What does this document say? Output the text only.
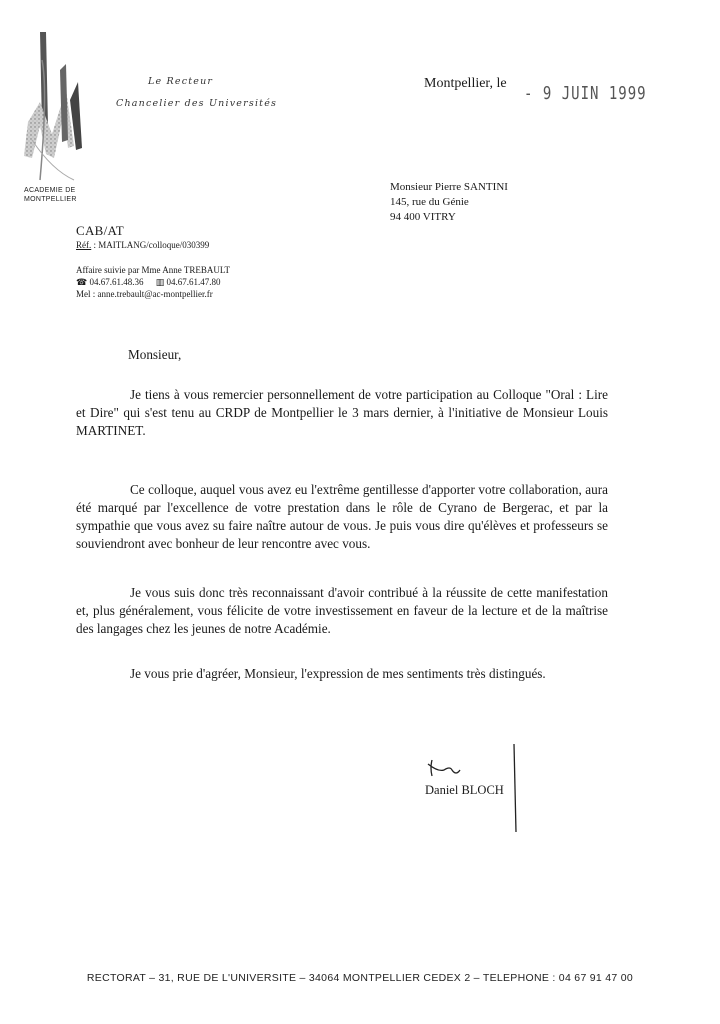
ACADEMIE DE
MONTPELLIER
Le Recteur
Chancelier des Universités
Montpellier, le
- 9 JUIN 1999
Monsieur Pierre SANTINI
145, rue du Génie
94 400 VITRY
CAB/AT
Réf. : MAITLANG/colloque/030399
Affaire suivie par Mme Anne TREBAULT
☎ 04.67.61.48.36 ▥ 04.67.61.47.80
Mel : anne.trebault@ac-montpellier.fr
Monsieur,
Je tiens à vous remercier personnellement de votre participation au Colloque "Oral : Lire et Dire" qui s'est tenu au CRDP de Montpellier le 3 mars dernier, à l'initiative de Monsieur Louis MARTINET.
Ce colloque, auquel vous avez eu l'extrême gentillesse d'apporter votre collaboration, aura été marqué par l'excellence de votre prestation dans le rôle de Cyrano de Bergerac, et par la sympathie que vous avez su faire naître autour de vous. Je puis vous dire qu'élèves et professeurs se souviendront avec bonheur de leur rencontre avec vous.
Je vous suis donc très reconnaissant d'avoir contribué à la réussite de cette manifestation et, plus généralement, vous félicite de votre investissement en faveur de la lecture et de la maîtrise des langages chez les jeunes de notre Académie.
Je vous prie d'agréer, Monsieur, l'expression de mes sentiments très distingués.
Daniel BLOCH
RECTORAT – 31, RUE DE L'UNIVERSITE – 34064 MONTPELLIER CEDEX 2 – TELEPHONE : 04 67 91 47 00
